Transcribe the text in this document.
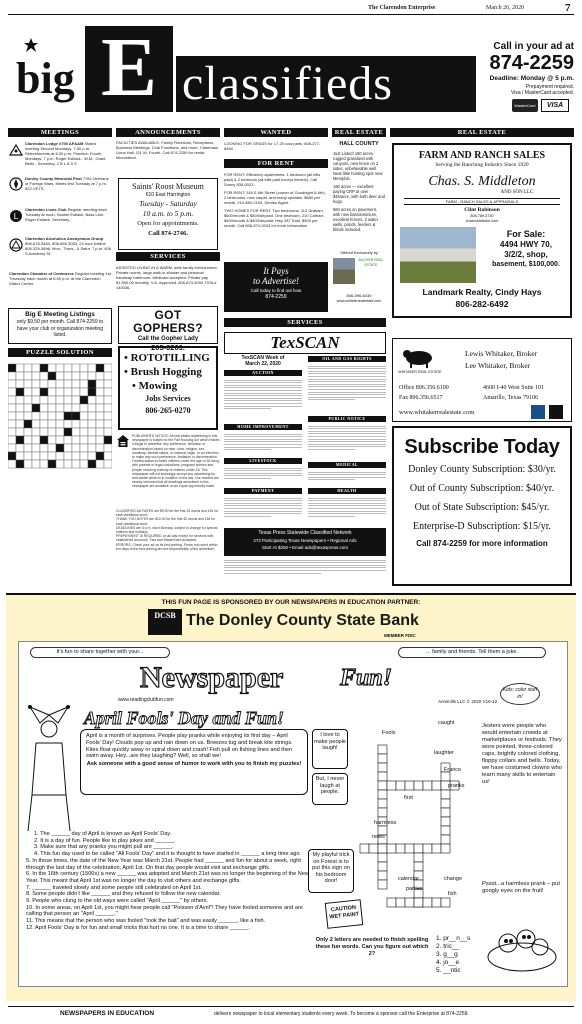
The Clarendon Enterprise	March 26, 2020	7
big E classifieds
Call in your ad at
874-2259
Deadline: Monday @ 5 p.m.
Prepayment required.
Visa / MasterCard accepted.
MasterCard	VISA
MEETINGS
Clarendon Lodge #700 AF&AM Stated meeting Second Mondays, 7:30 p.m. Refreshments at 6:30 p.m. Practice: Fourth Mondays, 7 p.m. Roger Estlack - W.M., Grant Betts - Secretary, 2 B L A S S
Donley County Memorial Post 7782 Veterans of Foreign Wars. Meets first Tuesday at 7 p.m. 822-VETS.
L
Clarendon Lions Club Regular meeting each Tuesday at noon. Scarlet Estlack, Bass Lion. Roger Estlack, Secretary.
Clarendon Alcoholics Anonymous Group 806-678-5463, 806-665-3053, 24 hour hotline 806-329-3698. Mon., Thurs., & Satur. 7 p.m. 406 S Academy St.
Clarendon Chamber of Commerce Regular meeting 1st Thursday each month at 6:00 p.m. at the Clarendon Visitor Center.
Big E Meeting Listings
only $9.50 per month. Call 874-2259 to have your club or organization meeting listed.
PUZZLE SOLUTION
ANNOUNCEMENTS
FACILITIES AVAILABLE: Family Reunions, Receptions, Business Meetings, Club Functions, and more. Clarendon Lions Hall, 111 W. Fourth. Call 874-2259 for rental information.
Saints' Roost Museum
610 East Harrington
Tuesday - Saturday
10 a.m. to 5 p.m.
Open for appointments.
Call 874-2746.
SERVICES
ASSISTED LIVING IN A WARM, safe family environment. Private rooms, large walk-in shower and personal handicap bathroom. Medicaid accepted. Private pay $1,900.00 monthly. V.A. Approved. 806-874-5000 TXSL# 140036.
GOT GOPHERS?
Call the Gopher Lady
205-0269.
• ROTOTILLING
• Brush Hogging
• Mowing
Jobs Services
806-265-0270
PUBLISHER'S NOTICE: All real estate advertising in this newspaper is subject to the Fair Housing Act which makes it illegal to advertise 'any preference, limitation or discrimination based on race, color, religion, sex, handicap, familial status, or national origin, or an intention, to make any such preference, limitation or discrimination.' Familial status includes children under the age of 18 living with parents or legal custodians, pregnant women and people securing custody of children under 18. This newspaper will not knowingly accept any advertising for real estate which is in violation of the law. Our readers are hereby informed that all dwellings advertised in this newspaper are available on an equal opportunity basis.
CLASSIFIED AD RATES are $9.50 for the first 15 words and 15¢ for each additional word.
THANK YOU NOTES are $10.00 for the first 40 words and 15¢ for each additional word.
DEADLINES are 5 p.m. each Monday, subject to change for special editions and holidays.
PREPAYMENT IS REQUIRED on all ads except for services with established accounts. Visa and MasterCard accepted.
ERRORS: Check your ad on its first printing. Errors not noted within ten days of the first printing are the responsibility of the advertiser.
WANTED
LOOKING FOR GRASS for 17-20 cow pairs. 806-277-8484
FOR RENT
FOR RENT: Efficiency apartments, 1 bedroom (all bills paid) & 2 bedroom (all bills paid except electric). Call Sonny 535-0023.
FOR RENT: 316 E 6th Street (corner of Goodnight & 6th). 2 bedrooms, new carpet, and many updates. $650 per month. 210-860-2153, Denise Agent.
TWO HOMES FOR RENT: Two bedrooms, 113 Graham, $600/month & $500/deposit. One bedroom, 210 Carhart, $400/month & $400/deposit. Hwy 287 East, $500 per month. Call 806-874-0043 for more information.
It Pays
to Advertise!
Call today to find out how
874-2259
REAL ESTATE
HALL COUNTY
Just Listed! 160 acres, rugged grassland with canyons, new fence on 2 sides, unbelievable well. Neat little hunting spot near Memphis.
190 acres — excellent paying CRP at over $45/acre, with both deer and hogs.
560 acres on pavement, with new barndominium, excellent fences, 2 water wells, ponds, feeders & blinds included.
Offered Exclusively by
BUCHER REAL ESTATE
806-596-6030
www.whitelerrealestate.com
REAL ESTATE
FARM AND RANCH SALES
Serving the Ranching Industry Since 1920
Chas. S. Middleton
AND SON LLC
FARM - RANCH SALES & APPRAISALS
Clint Robinson
806.789.3730
chasmiddleton.com
For Sale:
4494 HWY 70,
3/2/2, shop,
basement, $100,000.
Landmark Realty, Cindy Hays
806-282-6492
WHITAKER REAL ESTATE
Lewis Whitaker, Broker
Lee Whitaker, Broker
Office 806.356.6100
Fax 806.356.6517
4600 I-40 West Suite 101
Amarillo, Texas 79106
www.whitakerrealestate.com
Subscribe Today
Donley County Subscription: $30/yr.
Out of County Subscription: $40/yr.
Out of State Subscription: $45/yr.
Enterprise-D Subscription: $15/yr.
Call 874-2259 for more information
SERVICES
TexSCAN
TexSCAN Week of
March 22, 2020
AUCTION
HOME IMPROVEMENT
LIVESTOCK
PAYMENT
OIL AND GAS RIGHTS
PUBLIC NOTICE
MEDICAL
HEALTH
Texas Press Statewide Classified Network
272 Participating Texas Newspapers • Regional Ads
Start At $250 • Email ads@texaspress.com
THIS FUN PAGE IS SPONSORED BY OUR NEWSPAPERS IN EDUCATION PARTNER:
DCSB The Donley County State Bank
MEMBER FDIC
It's fun to share together with your...	... family and friends. Tell them a joke.
Newspaper Fun!
www.readingclubfun.com	Annimills LLC © 2020 V16-12
Kids: color stuff in!
April Fools' Day and Fun!
April is a month of surprises. People play pranks while enjoying its first day – April Fools' Day! Clouds pop up and rain down on us. Breezes tug and break kite strings. Kites float quickly away or spiral down and crash! Fish pull on fishing lines and then swim away. Hey...are they laughing? Well, so shall we!
Ask someone with a good sense of humor to work with you to finish my puzzles!
1. The ______ day of April is known as April Fools' Day.
2. It is a day of fun. People like to play jokes and ______.
3. Make sure that any pranks you might pull are ______.
4. This fun day used to be called "All Fools' Day" and it is thought to have started in ______ a long time ago.
5. In those times, the date of the New Year was March 21st. People had ______ and fun for about a week, right through the last day of the celebration, April 1st. On that day people would visit and exchange gifts.
6. In the 16th century (1500s) a new ______ was adopted and March 21st was no longer the beginning of the New Year. This meant that April 1st was no longer the day to visit others and exchange gifts.
7. ______ traveled slowly and some people still celebrated on April 1st.
8. Some people didn't like ______ and they refused to follow the new calendar.
9. People who clung to the old ways were called "April ______" by others.
10. In some areas, on April 1st, you might hear people call "Poisson d'Avril"! They have fooled someone and are calling that person an "April ______."
11. This means that the person who was fooled "took the bait" and was easily ______, like a fish.
12. April Fools' Day is for fun and small tricks that hurt no one. It is a time to share ______.
I love to make people laugh!
But, I never laugh at people.
My playful trick on Forest is to put this sign on his bedroom door!
CAUTION WET PAINT
Fools
caught
laughter
France
pranks
first
harmless
news
calendar
parties
change
fish
Jesters were people who would entertain crowds at marketplaces or festivals. They wore pointed, three-colored caps, brightly colored clothing, floppy collars and bells. Today, we have costumed clowns who learn many skills to entertain us!
Pssst...a harmless prank – put googly eyes on the fruit!
Only 2 letters are needed to finish spelling these fun words. Can you figure out which 2?
1. pr__n__s
2. tric__
3. g__g
4. jo__e
5. __ntic
NEWSPAPERS IN EDUCATION	delivers newspaper to local elementary students every week. To become a sponsor call the Enterprise at 874-2259.
